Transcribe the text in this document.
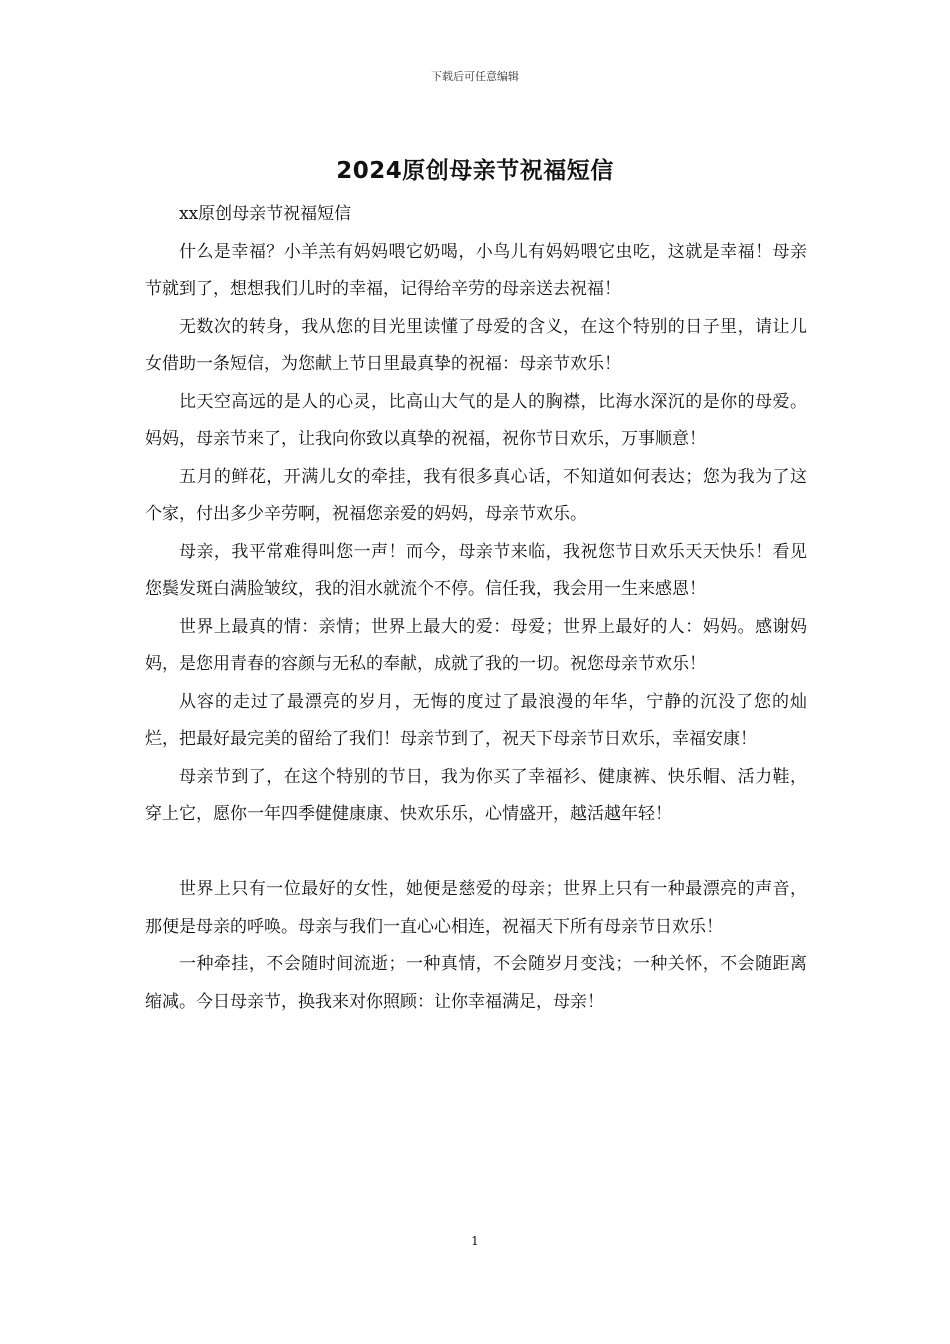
下载后可任意编辑
2024原创母亲节祝福短信

xx原创母亲节祝福短信

什么是幸福？小羊羔有妈妈喂它奶喝，小鸟儿有妈妈喂它虫吃，这就是幸福！母亲节就到了，想想我们儿时的幸福，记得给辛劳的母亲送去祝福！

无数次的转身，我从您的目光里读懂了母爱的含义，在这个特别的日子里，请让儿女借助一条短信，为您献上节日里最真挚的祝福：母亲节欢乐！

比天空高远的是人的心灵，比高山大气的是人的胸襟，比海水深沉的是你的母爱。妈妈，母亲节来了，让我向你致以真挚的祝福，祝你节日欢乐，万事顺意！

五月的鲜花，开满儿女的牵挂，我有很多真心话，不知道如何表达；您为我为了这个家，付出多少辛劳啊，祝福您亲爱的妈妈，母亲节欢乐。

母亲，我平常难得叫您一声！而今，母亲节来临，我祝您节日欢乐天天快乐！看见您鬓发斑白满脸皱纹，我的泪水就流个不停。信任我，我会用一生来感恩！

世界上最真的情：亲情；世界上最大的爱：母爱；世界上最好的人：妈妈。感谢妈妈，是您用青春的容颜与无私的奉献，成就了我的一切。祝您母亲节欢乐！

从容的走过了最漂亮的岁月，无悔的度过了最浪漫的年华，宁静的沉没了您的灿烂，把最好最完美的留给了我们！母亲节到了，祝天下母亲节日欢乐，幸福安康！

母亲节到了，在这个特别的节日，我为你买了幸福衫、健康裤、快乐帽、活力鞋，穿上它，愿你一年四季健健康康、快欢乐乐，心情盛开，越活越年轻！

世界上只有一位最好的女性，她便是慈爱的母亲；世界上只有一种最漂亮的声音，那便是母亲的呼唤。母亲与我们一直心心相连，祝福天下所有母亲节日欢乐！

一种牵挂，不会随时间流逝；一种真情，不会随岁月变浅；一种关怀，不会随距离缩减。今日母亲节，换我来对你照顾：让你幸福满足，母亲！

1
